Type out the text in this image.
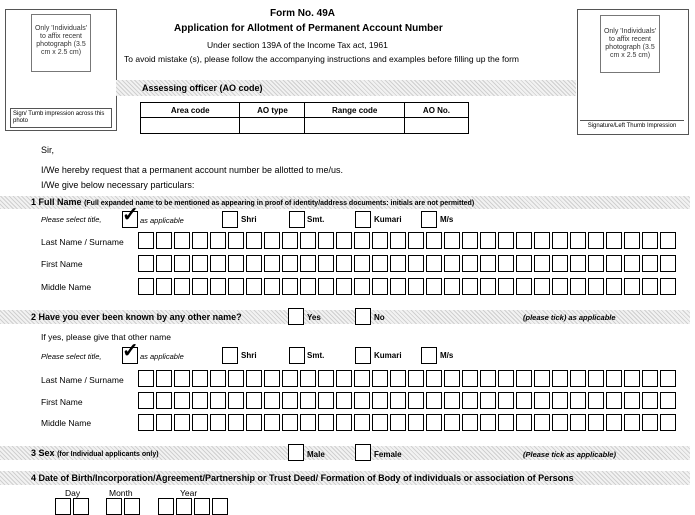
Only 'Individuals' to affix recent photograph (3.5 cm x 2.5 cm)
Sign/ Tumb impression across this photo
Only 'Individuals' to affix recent photograph (3.5 cm x 2.5 cm)
Signature/Left Thumb Impression
Form No. 49A
Application for Allotment of Permanent Account Number
Under section 139A of the Income Tax act, 1961
To avoid mistake (s), please follow the accompanying instructions and examples before filling up the form
Assessing officer (AO code)
Area code	AO type	Range code	AO No.

Sir,
I/We hereby request that a permanent account number be allotted to me/us.
I/We give below necessary particulars:
1 Full Name (Full expanded name to be mentioned as appearing in proof of identity/address documents: initials are not permitted)
Please select title, ✓ as applicable	Shri	Smt.	Kumari	M/s
Last Name / Surname
First Name
Middle Name
2 Have you ever been known by any other name?	Yes	No	(please tick) as applicable
If yes, please give that other name
Please select title, ✓ as applicable	Shri	Smt.	Kumari	M/s
Last Name / Surname
First Name
Middle Name
3 Sex (for Individual applicants only)	Male	Female	(Please tick as applicable)
4 Date of Birth/Incorporation/Agreement/Partnership or Trust Deed/ Formation of Body of individuals or association of Persons
Day	Month	Year
